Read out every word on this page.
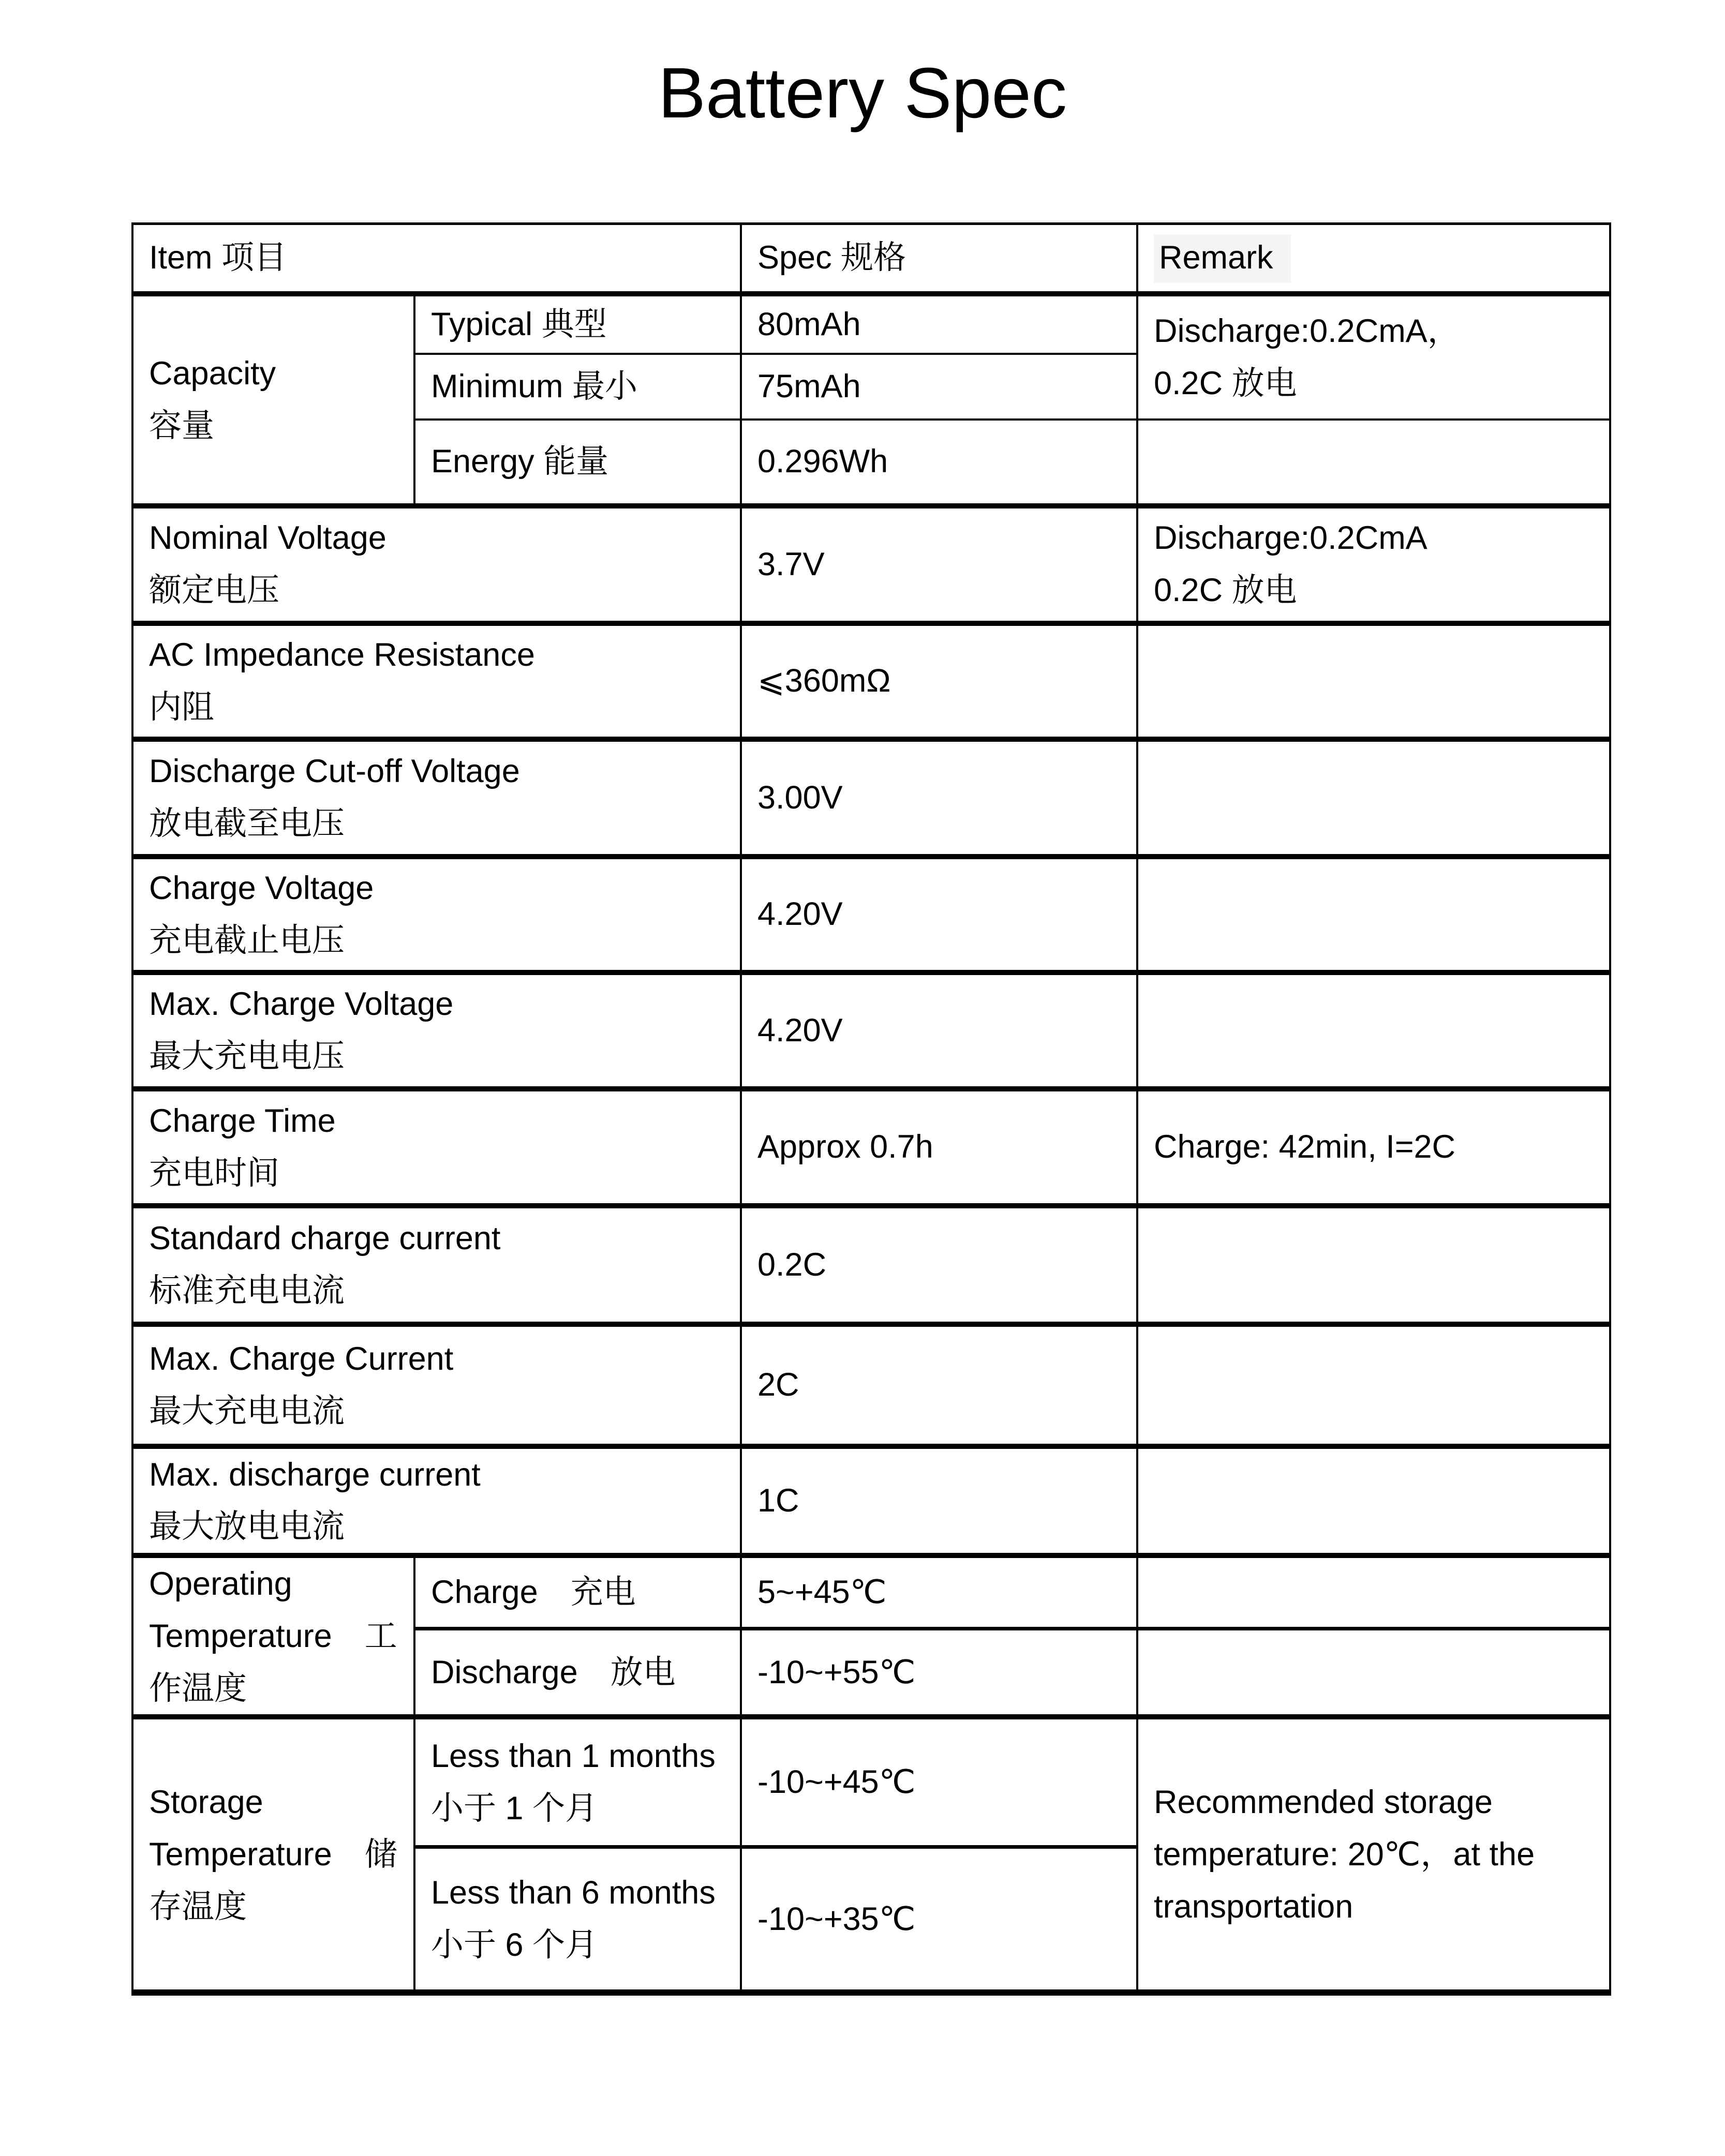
Battery Spec
Item 项目		Spec 规格	Remark

Capacity
容量	Typical 典型	80mAh	Discharge:0.2CmA，
0.2C 放电

	Minimum 最小	75mAh	
	Energy 能量	0.296Wh	

Nominal Voltage
额定电压		3.7V	Discharge:0.2CmA
0.2C 放电

AC Impedance Resistance
内阻		⩽360mΩ	

Discharge Cut-off Voltage
放电截至电压		3.00V	

Charge Voltage
充电截止电压		4.20V	

Max. Charge Voltage
最大充电电压		4.20V	

Charge Time
充电时间		Approx 0.7h	Charge: 42min, I=2C

Standard charge current
标准充电电流		0.2C	

Max. Charge Current
最大充电电流		2C	

Max. discharge current
最大放电电流		1C	

Operating
Temperature　工
作温度	Charge　充电	5~+45℃	
	Discharge　放电	-10~+55℃	

Storage
Temperature　储
存温度	Less than 1 months
小于 1 个月	-10~+45℃	Recommended storage
temperature: 20℃，at the
transportation

	Less than 6 months
小于 6 个月	-10~+35℃	
